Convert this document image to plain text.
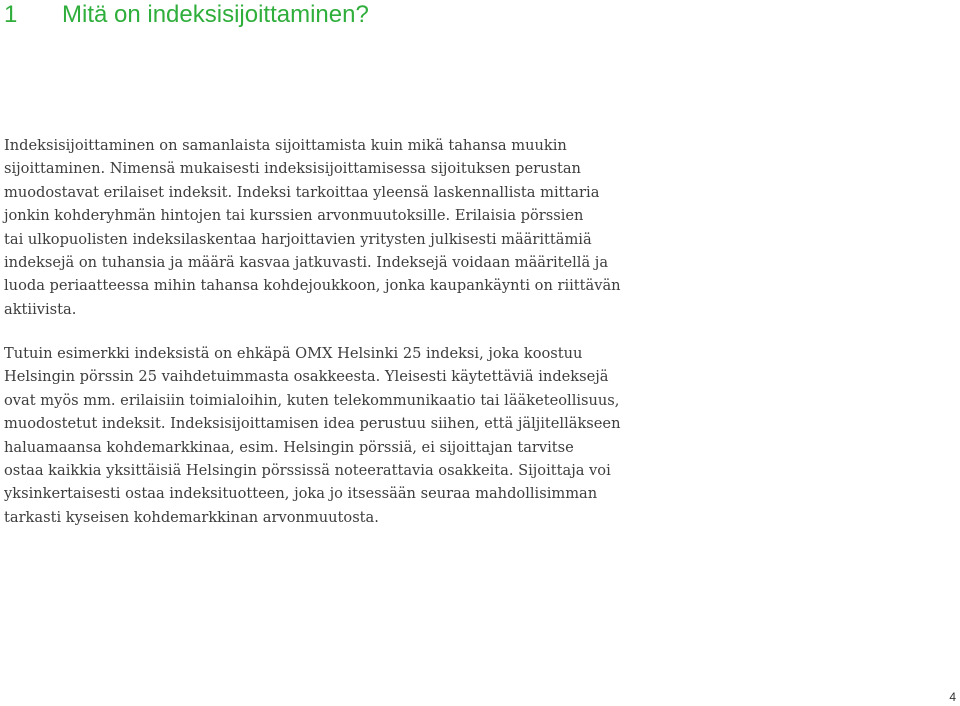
1 Mitä on indeksisijoittaminen?

Indeksisijoittaminen on samanlaista sijoittamista kuin mikä tahansa muukin
sijoittaminen. Nimensä mukaisesti indeksisijoittamisessa sijoituksen perustan
muodostavat erilaiset indeksit. Indeksi tarkoittaa yleensä laskennallista mittaria
jonkin kohderyhmän hintojen tai kurssien arvonmuutoksille. Erilaisia pörssien
tai ulkopuolisten indeksilaskentaa harjoittavien yritysten julkisesti määrittämiä
indeksejä on tuhansia ja määrä kasvaa jatkuvasti. Indeksejä voidaan määritellä ja
luoda periaatteessa mihin tahansa kohdejoukkoon, jonka kaupankäynti on riittävän
aktiivista.

Tutuin esimerkki indeksistä on ehkäpä OMX Helsinki 25 indeksi, joka koostuu
Helsingin pörssin 25 vaihdetuimmasta osakkeesta. Yleisesti käytettäviä indeksejä
ovat myös mm. erilaisiin toimialoihin, kuten telekommunikaatio tai lääketeollisuus,
muodostetut indeksit. Indeksisijoittamisen idea perustuu siihen, että jäljitelläkseen
haluamaansa kohdemarkkinaa, esim. Helsingin pörssiä, ei sijoittajan tarvitse
ostaa kaikkia yksittäisiä Helsingin pörssissä noteerattavia osakkeita. Sijoittaja voi
yksinkertaisesti ostaa indeksituotteen, joka jo itsessään seuraa mahdollisimman
tarkasti kyseisen kohdemarkkinan arvonmuutosta.

4
